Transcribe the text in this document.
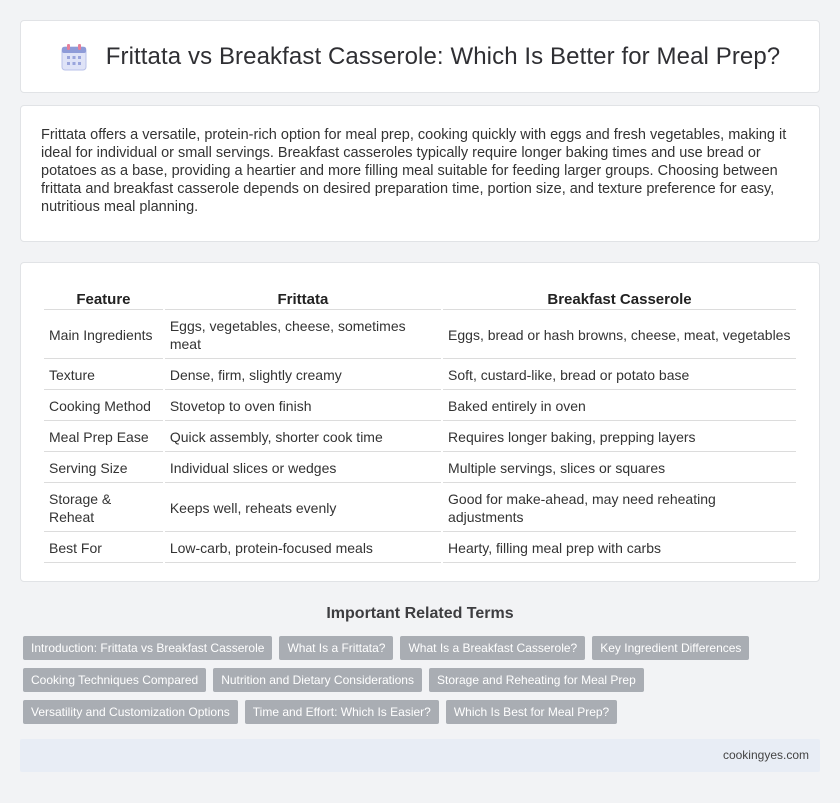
Frittata vs Breakfast Casserole: Which Is Better for Meal Prep?

Frittata offers a versatile, protein-rich option for meal prep, cooking quickly with eggs and fresh vegetables, making it ideal for individual or small servings. Breakfast casseroles typically require longer baking times and use bread or potatoes as a base, providing a heartier and more filling meal suitable for feeding larger groups. Choosing between frittata and breakfast casserole depends on desired preparation time, portion size, and texture preference for easy, nutritious meal planning.

Feature	Frittata	Breakfast Casserole
Main Ingredients	Eggs, vegetables, cheese, sometimes meat	Eggs, bread or hash browns, cheese, meat, vegetables
Texture	Dense, firm, slightly creamy	Soft, custard-like, bread or potato base
Cooking Method	Stovetop to oven finish	Baked entirely in oven
Meal Prep Ease	Quick assembly, shorter cook time	Requires longer baking, prepping layers
Serving Size	Individual slices or wedges	Multiple servings, slices or squares
Storage & Reheat	Keeps well, reheats evenly	Good for make-ahead, may need reheating adjustments
Best For	Low-carb, protein-focused meals	Hearty, filling meal prep with carbs
Important Related Terms
Introduction: Frittata vs Breakfast Casserole	What Is a Frittata?	What Is a Breakfast Casserole?	Key Ingredient Differences
Cooking Techniques Compared	Nutrition and Dietary Considerations	Storage and Reheating for Meal Prep
Versatility and Customization Options	Time and Effort: Which Is Easier?	Which Is Best for Meal Prep?
cookingyes.com
